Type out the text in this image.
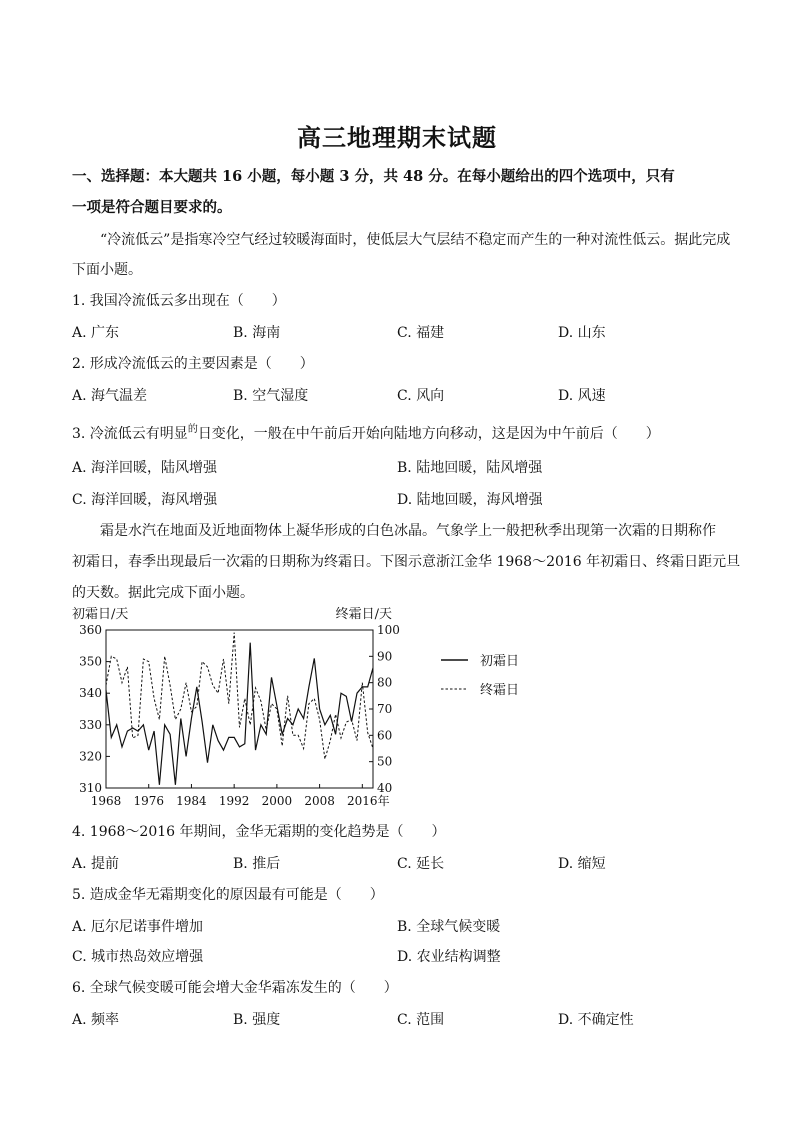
高三地理期末试题
一、选择题：本大题共 16 小题，每小题 3 分，共 48 分。在每小题给出的四个选项中，只有
一项是符合题目要求的。
“冷流低云”是指寒冷空气经过较暖海面时，使低层大气层结不稳定而产生的一种对流性低云。据此完成
下面小题。
1. 我国冷流低云多出现在（　　）
A. 广东	B. 海南	C. 福建	D. 山东
2. 形成冷流低云的主要因素是（　　）
A. 海气温差	B. 空气湿度	C. 风向	D. 风速
3. 冷流低云有明显$^的$日变化，一般在中午前后开始向陆地方向移动，这是因为中午前后（　　）
A. 海洋回暖，陆风增强	B. 陆地回暖，陆风增强
C. 海洋回暖，海风增强	D. 陆地回暖，海风增强
霜是水汽在地面及近地面物体上凝华形成的白色冰晶。气象学上一般把秋季出现第一次霜的日期称作
初霜日，春季出现最后一次霜的日期称为终霜日。下图示意浙江金华 1968～2016 年初霜日、终霜日距元旦
的天数。据此完成下面小题。
初霜日/天	终霜日/天
360
350
340
330
320
310
100
90
80
70
60
50
40
1968 1976 1984 1992 2000 2008 2016年
初霜日
终霜日
4. 1968～2016 年期间，金华无霜期的变化趋势是（　　）
A. 提前	B. 推后	C. 延长	D. 缩短
5. 造成金华无霜期变化的原因最有可能是（　　）
A. 厄尔尼诺事件增加	B. 全球气候变暖
C. 城市热岛效应增强	D. 农业结构调整
6. 全球气候变暖可能会增大金华霜冻发生的（　　）
A. 频率	B. 强度	C. 范围	D. 不确定性
